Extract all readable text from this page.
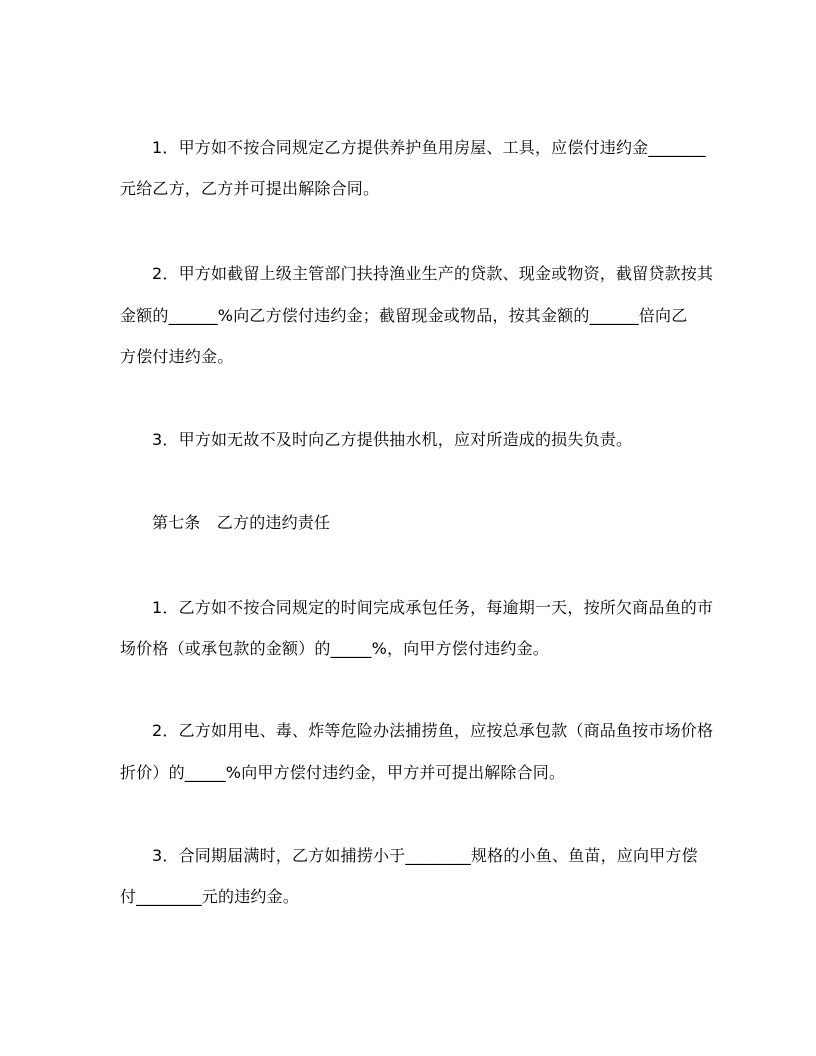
1．甲方如不按合同规定乙方提供养护鱼用房屋、工具，应偿付违约金_______
元给乙方，乙方并可提出解除合同。
2．甲方如截留上级主管部门扶持渔业生产的贷款、现金或物资，截留贷款按其
金额的______%向乙方偿付违约金；截留现金或物品，按其金额的______倍向乙
方偿付违约金。
3．甲方如无故不及时向乙方提供抽水机，应对所造成的损失负责。
第七条　乙方的违约责任
1．乙方如不按合同规定的时间完成承包任务，每逾期一天，按所欠商品鱼的市
场价格（或承包款的金额）的_____%，向甲方偿付违约金。
2．乙方如用电、毒、炸等危险办法捕捞鱼，应按总承包款（商品鱼按市场价格
折价）的_____%向甲方偿付违约金，甲方并可提出解除合同。
3．合同期届满时，乙方如捕捞小于________规格的小鱼、鱼苗，应向甲方偿
付________元的违约金。
